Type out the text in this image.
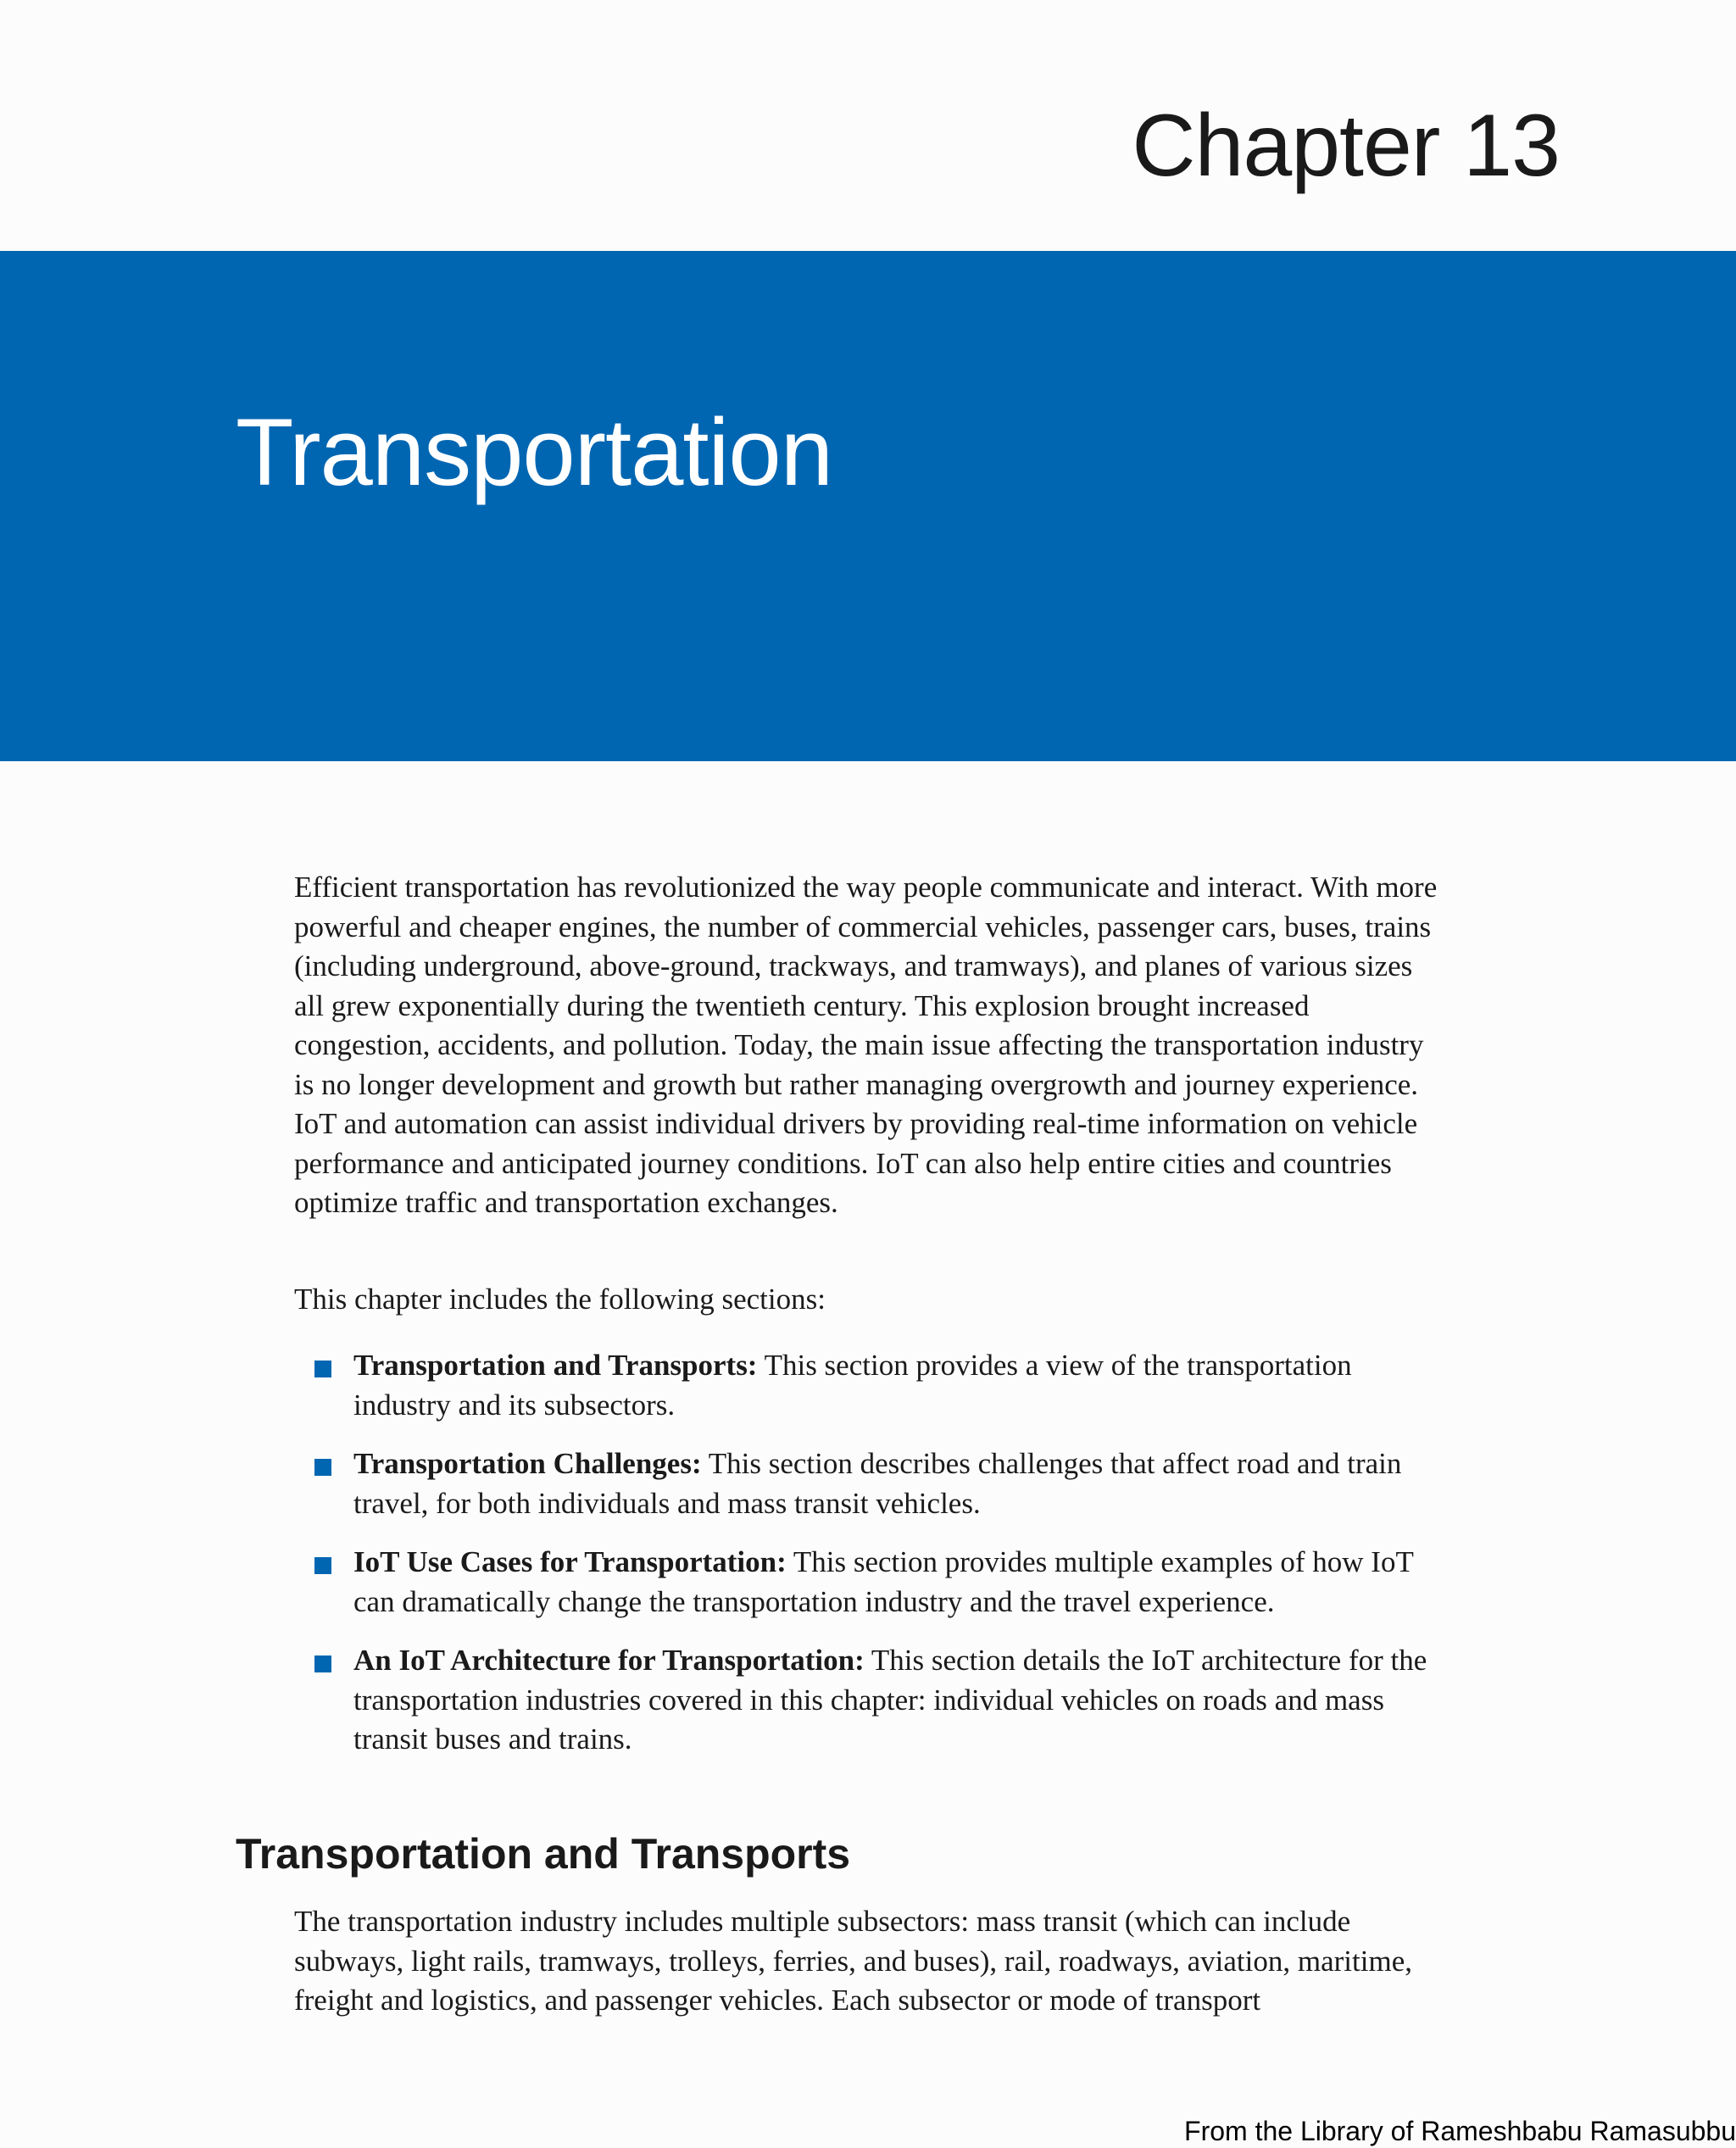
Chapter 13
Transportation

Efficient transportation has revolutionized the way people communicate and interact. With more powerful and cheaper engines, the number of commercial vehicles, passenger cars, buses, trains (including underground, above-ground, trackways, and tramways), and planes of various sizes all grew exponentially during the twentieth century. This explosion brought increased congestion, accidents, and pollution. Today, the main issue affecting the transportation industry is no longer development and growth but rather managing overgrowth and journey experience. IoT and automation can assist individual drivers by providing real-time information on vehicle performance and anticipated journey conditions. IoT can also help entire cities and countries optimize traffic and transportation exchanges.

This chapter includes the following sections:

Transportation and Transports: This section provides a view of the transportation industry and its subsectors.
Transportation Challenges: This section describes challenges that affect road and train travel, for both individuals and mass transit vehicles.
IoT Use Cases for Transportation: This section provides multiple examples of how IoT can dramatically change the transportation industry and the travel experience.
An IoT Architecture for Transportation: This section details the IoT architecture for the transportation industries covered in this chapter: individual vehicles on roads and mass transit buses and trains.
Transportation and Transports

The transportation industry includes multiple subsectors: mass transit (which can include subways, light rails, tramways, trolleys, ferries, and buses), rail, roadways, aviation, maritime, freight and logistics, and passenger vehicles. Each subsector or mode of transport

From the Library of Rameshbabu Ramasubbu
